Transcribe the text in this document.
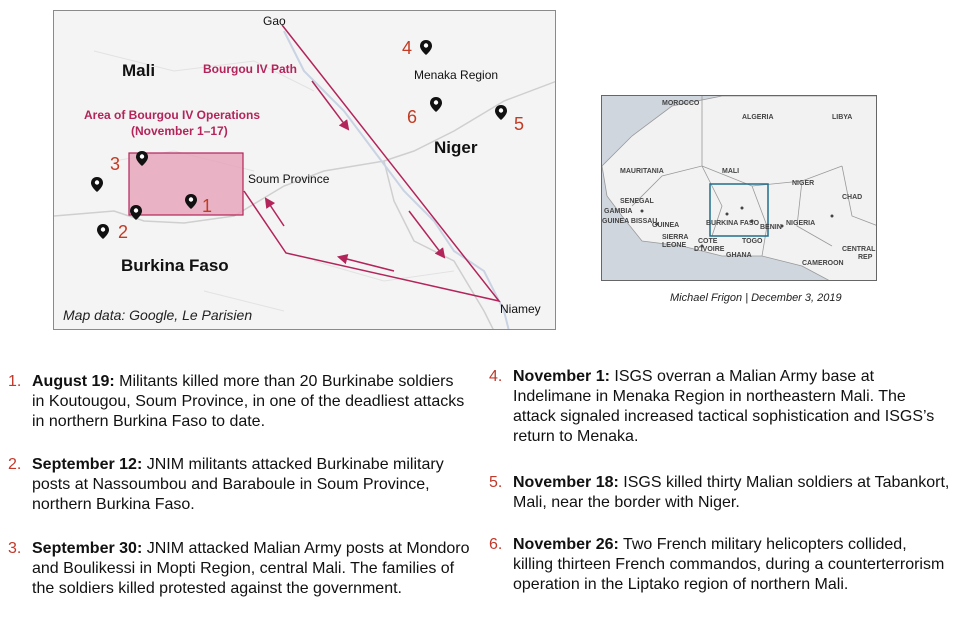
Mali
Niger
Burkina Faso
Gao
Menaka Region
Soum Province
Niamey
Bourgou IV Path
Area of Bourgou IV Operations
(November 1–17)
4
6	5
3
1
2
Map data: Google, Le Parisien
MOROCCO
ALGERIA	LIBYA
MAURITANIA	MALI
NIGER
CHAD
SENEGAL
GAMBIA
GUINEA BISSAU
GUINEA
SIERRA
LEONE
BURKINA FASO
COTE
D'IVOIRE
GHANA
TOGO
BENIN
NIGERIA
CAMEROON
CENTRAL
REP
Michael Frigon | December 3, 2019
1. August 19: Militants killed more than 20 Burkinabe soldiers in Koutougou, Soum Province, in one of the deadliest attacks in northern Burkina Faso to date.
2. September 12: JNIM militants attacked Burkinabe military posts at Nassoumbou and Baraboule in Soum Province, northern Burkina Faso.
3. September 30: JNIM attacked Malian Army posts at Mondoro and Boulikessi in Mopti Region, central Mali. The families of the soldiers killed protested against the government.
4. November 1: ISGS overran a Malian Army base at Indelimane in Menaka Region in northeastern Mali. The attack signaled increased tactical sophistication and ISGS’s return to Menaka.
5. November 18: ISGS killed thirty Malian soldiers at Tabankort, Mali, near the border with Niger.
6. November 26: Two French military helicopters collided, killing thirteen French commandos, during a counterterrorism operation in the Liptako region of northern Mali.
